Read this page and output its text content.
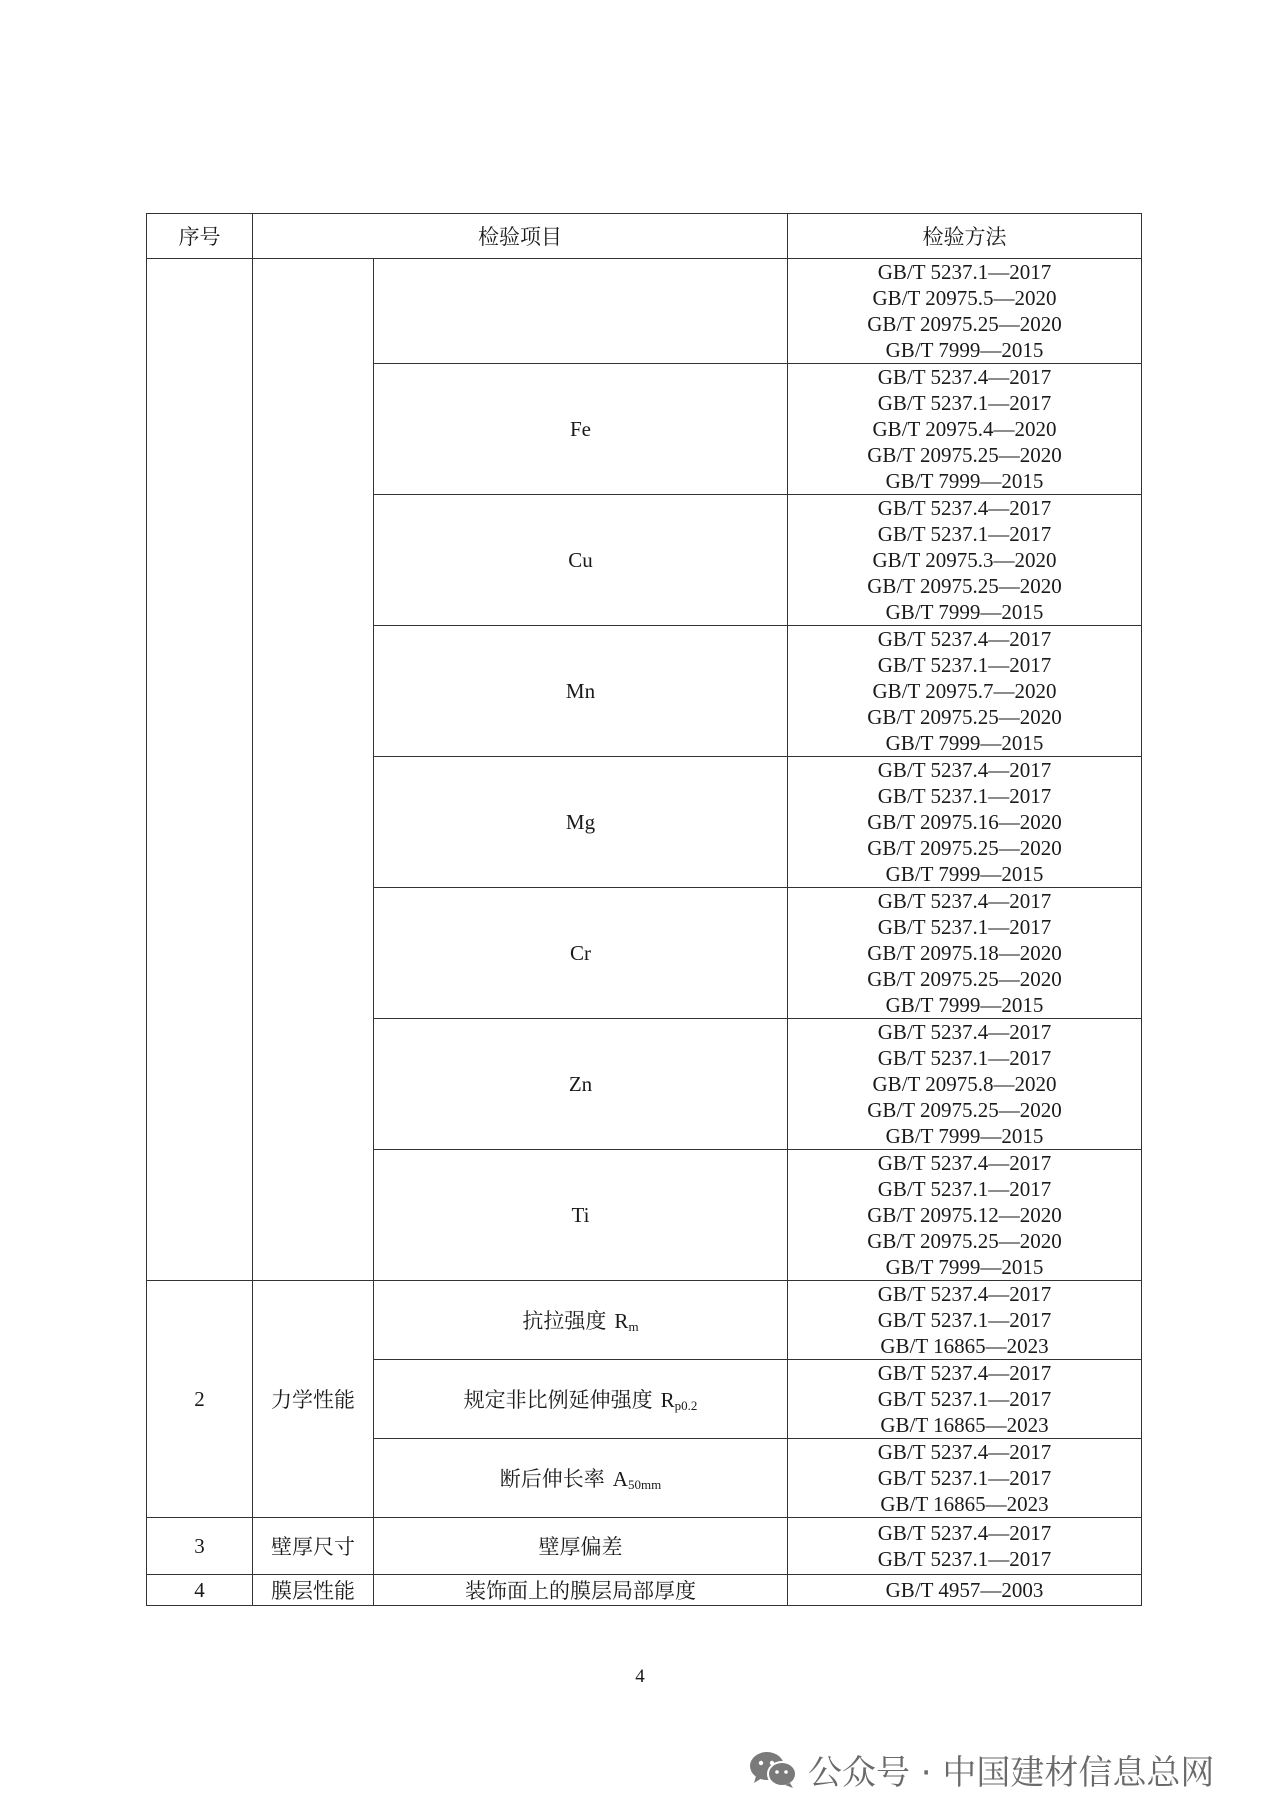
序号	检验项目		检验方法

			GB/T 5237.1—2017
GB/T 20975.5—2020
GB/T 20975.25—2020
GB/T 7999—2015

		Fe	GB/T 5237.4—2017
GB/T 5237.1—2017
GB/T 20975.4—2020
GB/T 20975.25—2020
GB/T 7999—2015

		Cu	GB/T 5237.4—2017
GB/T 5237.1—2017
GB/T 20975.3—2020
GB/T 20975.25—2020
GB/T 7999—2015

		Mn	GB/T 5237.4—2017
GB/T 5237.1—2017
GB/T 20975.7—2020
GB/T 20975.25—2020
GB/T 7999—2015

		Mg	GB/T 5237.4—2017
GB/T 5237.1—2017
GB/T 20975.16—2020
GB/T 20975.25—2020
GB/T 7999—2015

		Cr	GB/T 5237.4—2017
GB/T 5237.1—2017
GB/T 20975.18—2020
GB/T 20975.25—2020
GB/T 7999—2015

		Zn	GB/T 5237.4—2017
GB/T 5237.1—2017
GB/T 20975.8—2020
GB/T 20975.25—2020
GB/T 7999—2015

		Ti	GB/T 5237.4—2017
GB/T 5237.1—2017
GB/T 20975.12—2020
GB/T 20975.25—2020
GB/T 7999—2015

2	力学性能	抗拉强度 $R_m$	GB/T 5237.4—2017
GB/T 5237.1—2017
GB/T 16865—2023

		规定非比例延伸强度 $R_{p0.2}$	GB/T 5237.4—2017
GB/T 5237.1—2017
GB/T 16865—2023

		断后伸长率 $A_{50mm}$	GB/T 5237.4—2017
GB/T 5237.1—2017
GB/T 16865—2023

3	壁厚尺寸	壁厚偏差	GB/T 5237.4—2017
GB/T 5237.1—2017

4	膜层性能	装饰面上的膜层局部厚度	GB/T 4957—2003
4
公众号 · 中国建材信息总网
